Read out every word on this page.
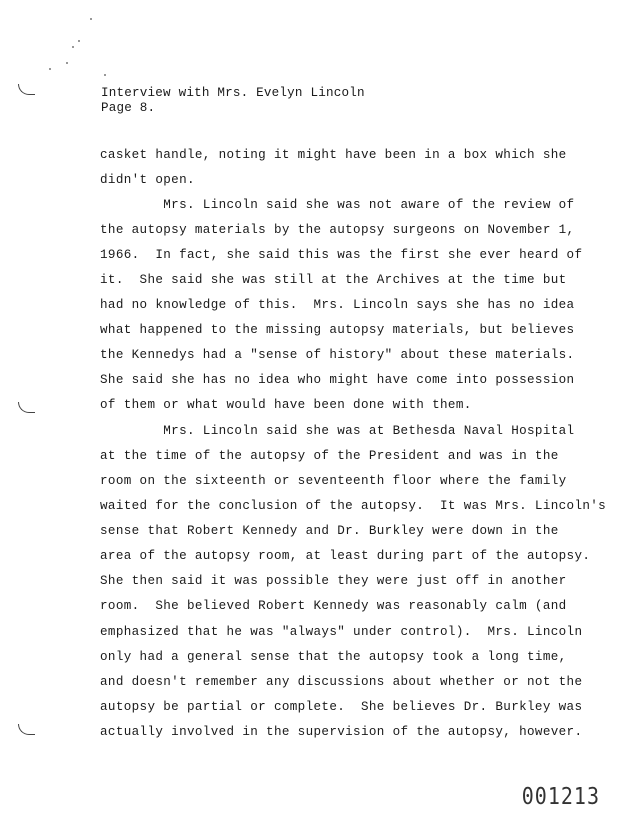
Interview with Mrs. Evelyn Lincoln
Page 8.
casket handle, noting it might have been in a box which she
didn't open.
Mrs. Lincoln said she was not aware of the review of
the autopsy materials by the autopsy surgeons on November 1,
1966.  In fact, she said this was the first she ever heard of
it.  She said she was still at the Archives at the time but
had no knowledge of this.  Mrs. Lincoln says she has no idea
what happened to the missing autopsy materials, but believes
the Kennedys had a "sense of history" about these materials.
She said she has no idea who might have come into possession
of them or what would have been done with them.
Mrs. Lincoln said she was at Bethesda Naval Hospital
at the time of the autopsy of the President and was in the
room on the sixteenth or seventeenth floor where the family
waited for the conclusion of the autopsy.  It was Mrs. Lincoln's
sense that Robert Kennedy and Dr. Burkley were down in the
area of the autopsy room, at least during part of the autopsy.
She then said it was possible they were just off in another
room.  She believed Robert Kennedy was reasonably calm (and
emphasized that he was "always" under control).  Mrs. Lincoln
only had a general sense that the autopsy took a long time,
and doesn't remember any discussions about whether or not the
autopsy be partial or complete.  She believes Dr. Burkley was
actually involved in the supervision of the autopsy, however.
001213
